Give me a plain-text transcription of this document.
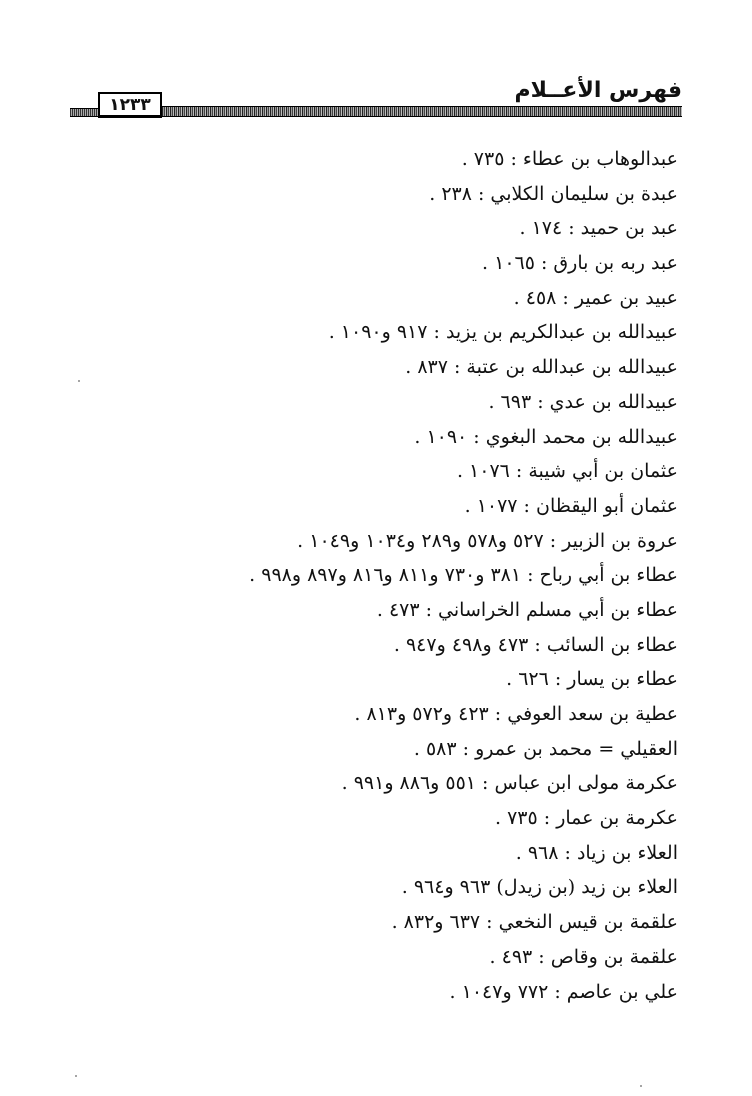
فهرس الأعــلام
١٢٣٣
عبدالوهاب بن عطاء : ٧٣٥ .
عبدة بن سليمان الكلابي : ٢٣٨ .
عبد بن حميد : ١٧٤ .
عبد ربه بن بارق : ١٠٦٥ .
عبيد بن عمير : ٤٥٨ .
عبيدالله بن عبدالكريم بن يزيد : ٩١٧ و١٠٩٠ .
عبيدالله بن عبدالله بن عتبة : ٨٣٧ .
عبيدالله بن عدي : ٦٩٣ .
عبيدالله بن محمد البغوي : ١٠٩٠ .
عثمان بن أبي شيبة : ١٠٧٦ .
عثمان أبو اليقظان : ١٠٧٧ .
عروة بن الزبير : ٥٢٧ و٥٧٨ و٢٨٩ و١٠٣٤ و١٠٤٩ .
عطاء بن أبي رباح : ٣٨١ و٧٣٠ و٨١١ و٨١٦ و٨٩٧ و٩٩٨ .
عطاء بن أبي مسلم الخراساني : ٤٧٣ .
عطاء بن السائب : ٤٧٣ و٤٩٨ و٩٤٧ .
عطاء بن يسار : ٦٢٦ .
عطية بن سعد العوفي : ٤٢٣ و٥٧٢ و٨١٣ .
العقيلي = محمد بن عمرو : ٥٨٣ .
عكرمة مولى ابن عباس : ٥٥١ و٨٨٦ و٩٩١ .
عكرمة بن عمار : ٧٣٥ .
العلاء بن زياد : ٩٦٨ .
العلاء بن زيد (بن زيدل) ٩٦٣ و٩٦٤ .
علقمة بن قيس النخعي : ٦٣٧ و٨٣٢ .
علقمة بن وقاص : ٤٩٣ .
علي بن عاصم : ٧٧٢ و١٠٤٧ .
